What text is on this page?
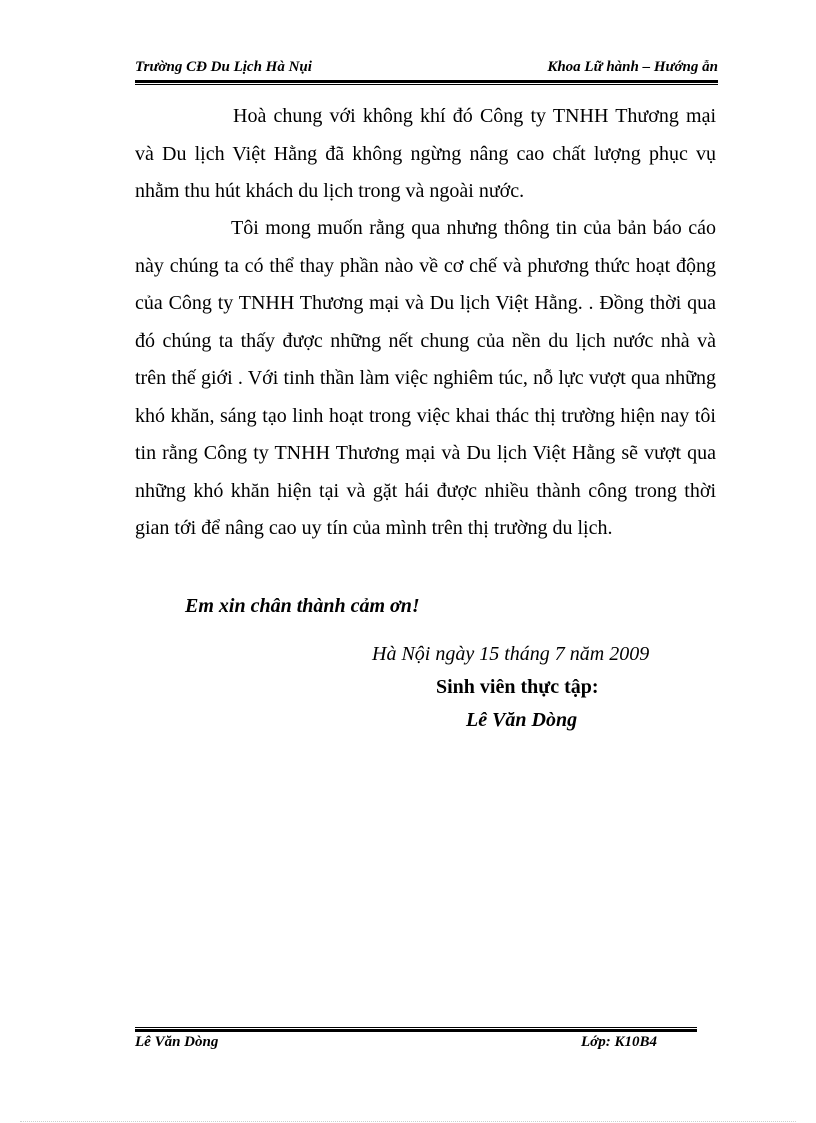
Trường CĐ Du Lịch Hà Nụi	Khoa Lữ hành – Hướng ẫn

Hoà chung với không khí đó Công ty TNHH Thương mại và Du lịch Việt Hằng đã không ngừng nâng cao chất lượng phục vụ nhằm thu hút khách du lịch trong và ngoài nước.

Tôi mong muốn rằng qua nhưng thông tin của bản báo cáo này chúng ta có thể thay phần nào về cơ chế và phương thức hoạt động của Công ty TNHH Thương mại và Du lịch Việt Hằng. . Đồng thời qua đó chúng ta thấy được những nết chung của nền du lịch nước nhà và trên thế giới . Với tinh thần làm việc nghiêm túc, nỗ lực vượt qua những khó khăn, sáng tạo linh hoạt trong việc khai thác thị trường hiện nay tôi tin rằng Công ty TNHH Thương mại và Du lịch Việt Hằng sẽ vượt qua những khó khăn hiện tại và gặt hái được nhiều thành công trong thời gian tới để nâng cao uy tín của mình trên thị trường du lịch.

Em xin chân thành cảm ơn!
Hà Nội ngày 15 tháng 7 năm 2009
Sinh viên thực tập:
Lê Văn Dòng
Lê Văn Dòng	Lớp: K10B4
